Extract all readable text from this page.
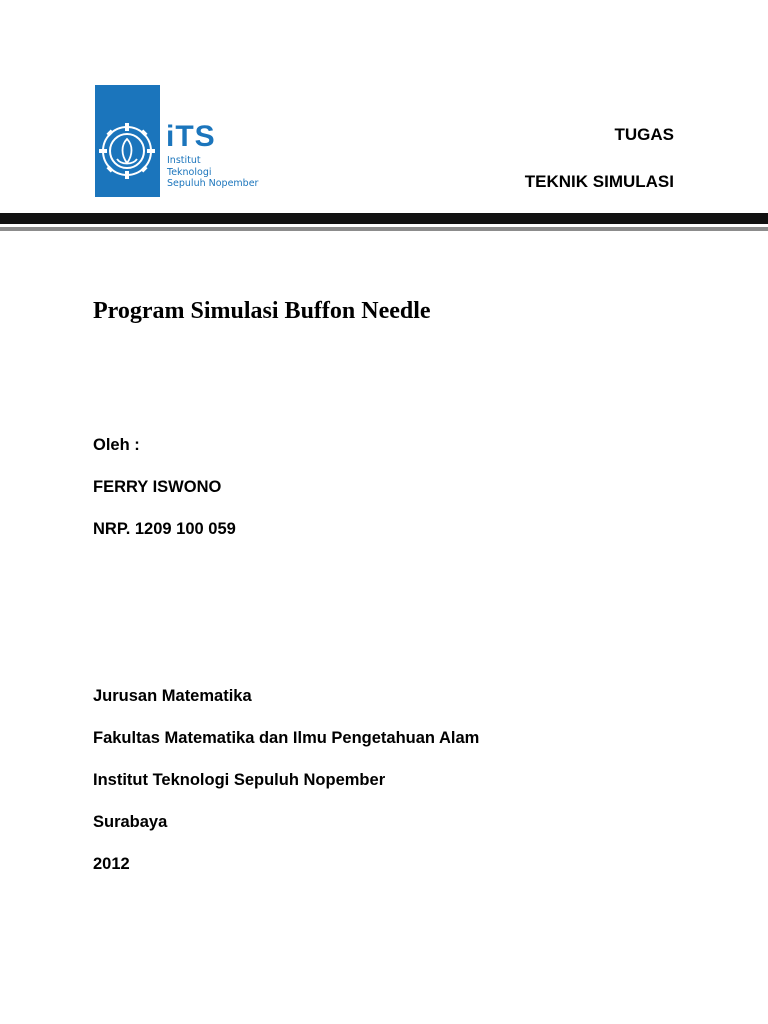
iTS
Institut
Teknologi
Sepuluh Nopember
TUGAS
TEKNIK SIMULASI
Program Simulasi Buffon Needle
Oleh :
FERRY ISWONO
NRP. 1209 100 059
Jurusan Matematika
Fakultas Matematika dan Ilmu Pengetahuan Alam
Institut Teknologi Sepuluh Nopember
Surabaya
2012
